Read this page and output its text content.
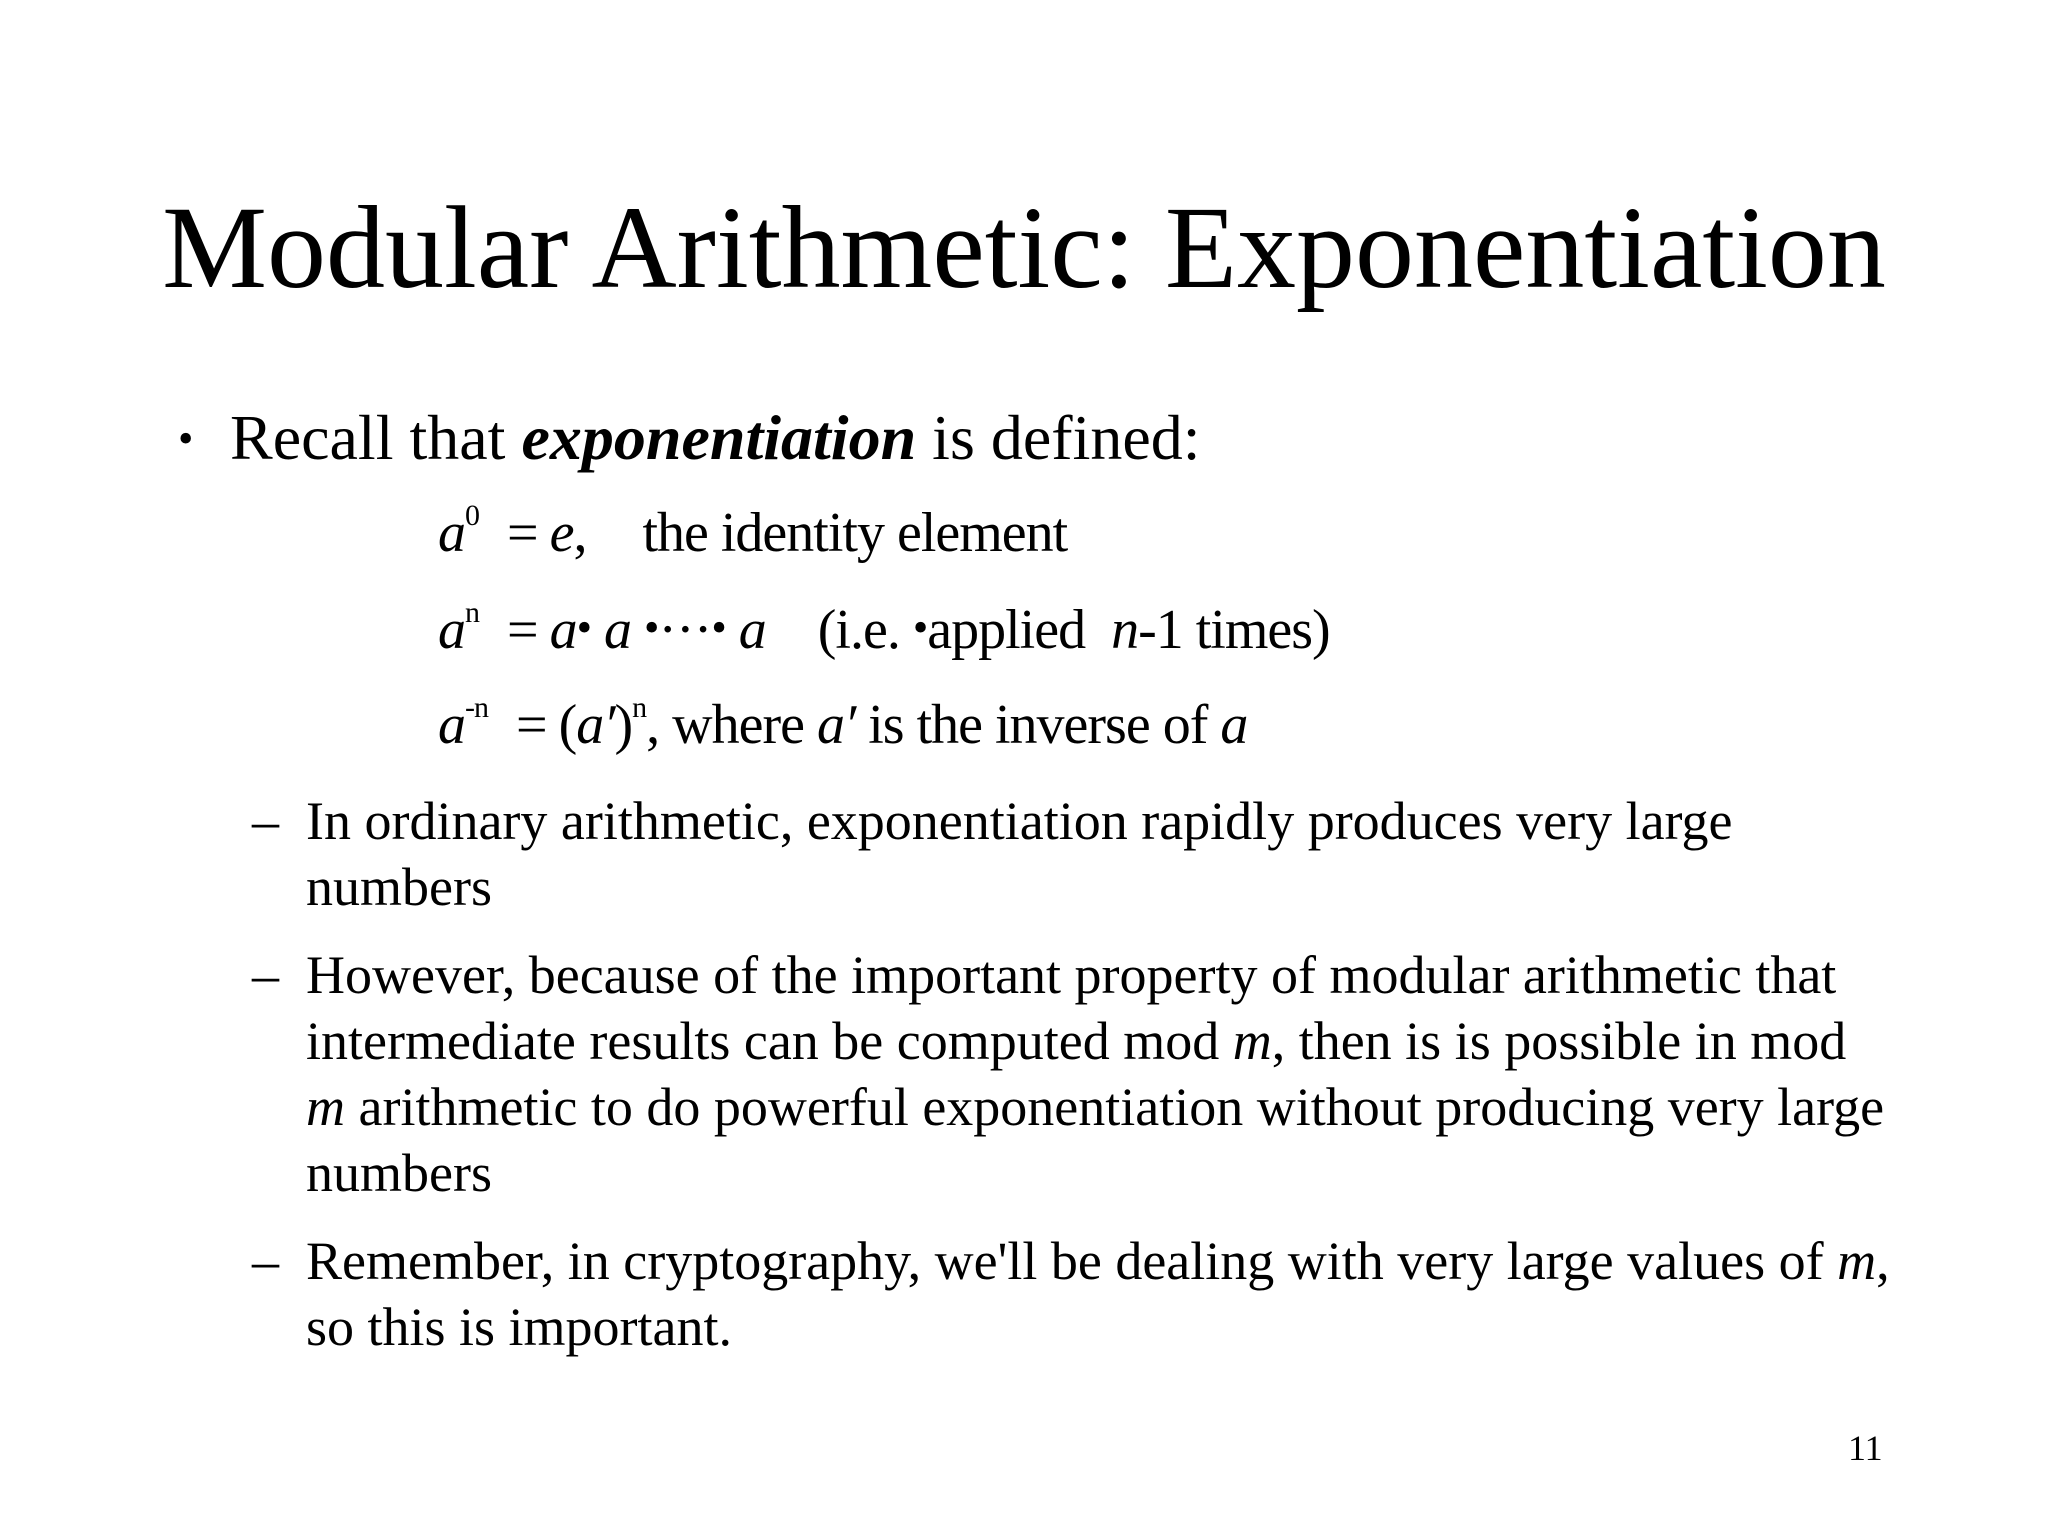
Modular Arithmetic: Exponentiation
• Recall that exponentiation is defined:
$a^0 = e$, the identity element
$a^n$ = a• a •···• a (i.e. •applied n-1 times)
$a^{-n} = (a')^n$, where a′ is the inverse of a
– In ordinary arithmetic, exponentiation rapidly produces very large numbers
– However, because of the important property of modular arithmetic that intermediate results can be computed mod m, then is is possible in mod m arithmetic to do powerful exponentiation without producing very large numbers
– Remember, in cryptography, we'll be dealing with very large values of m, so this is important.
11
